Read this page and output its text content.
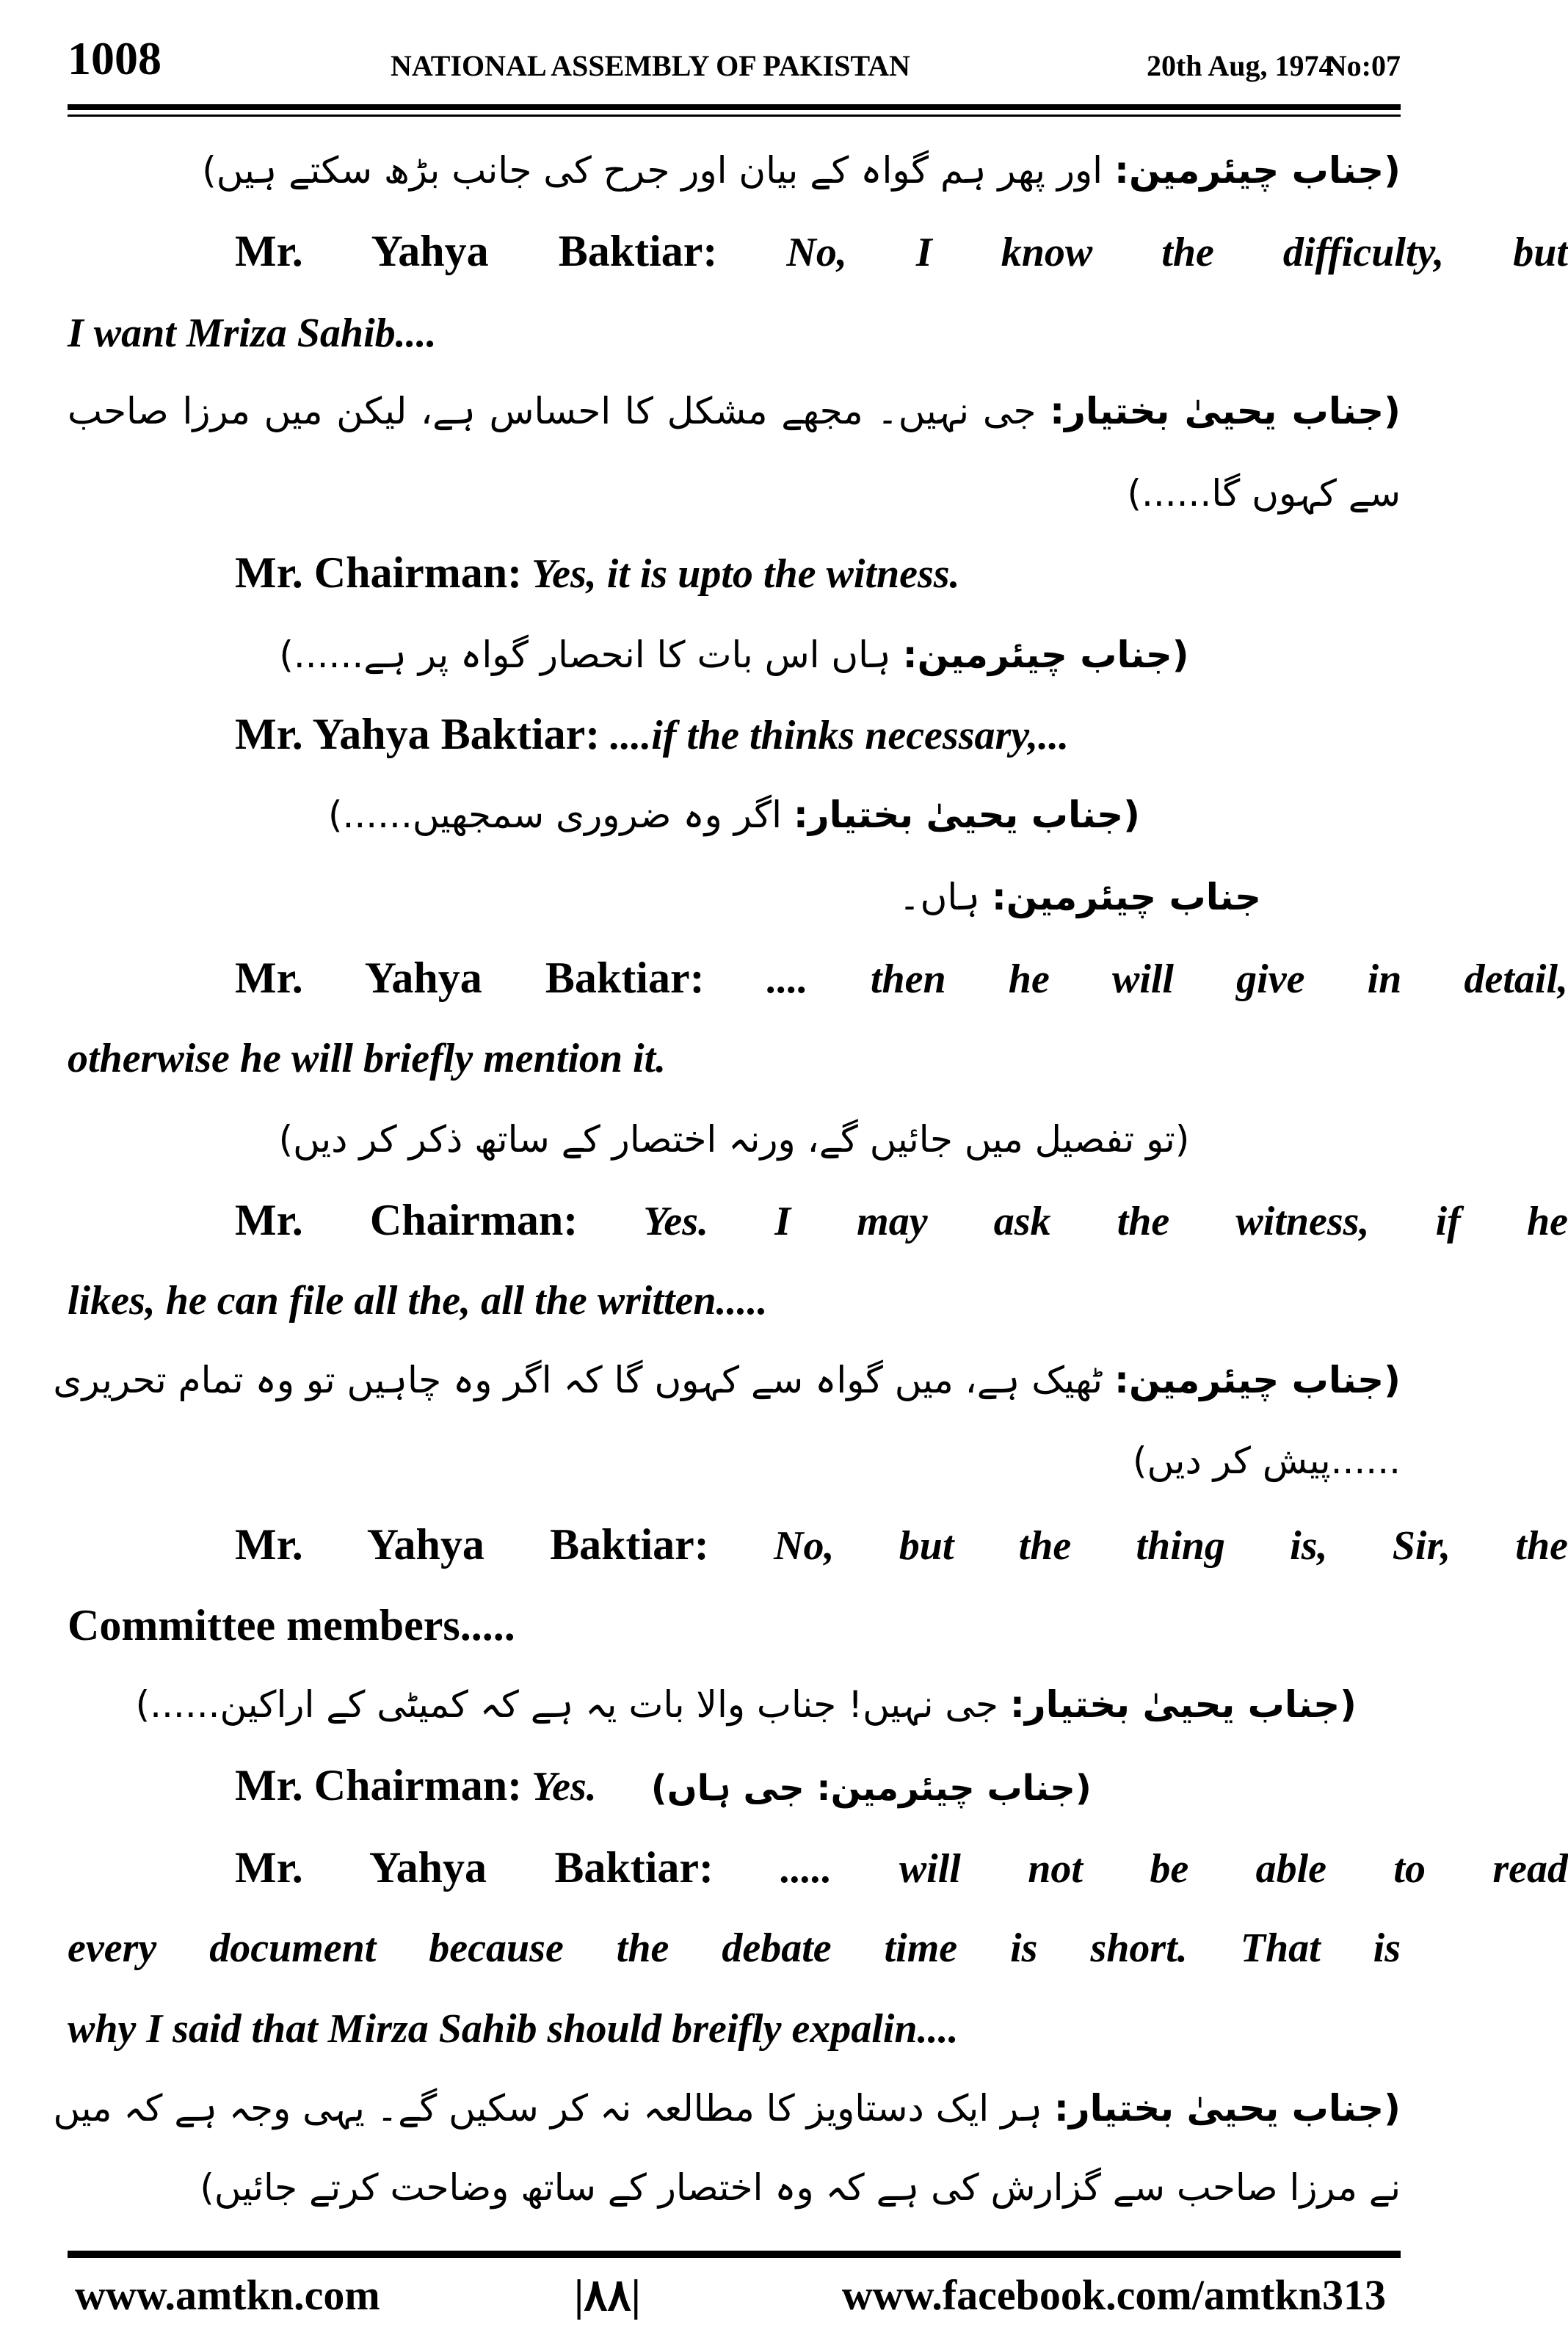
1008	NATIONAL ASSEMBLY OF PAKISTAN	20th Aug, 1974
No:07
(جناب چیئرمین: اور پھر ہم گواہ کے بیان اور جرح کی جانب بڑھ سکتے ہیں)
Mr. Yahya Baktiar: No, I know the difficulty, but
I want Mriza Sahib....
(جناب یحییٰ بختیار: جی نہیں۔ مجھے مشکل کا احساس ہے، لیکن میں مرزا صاحب
سے کہوں گا......)
Mr. Chairman: Yes, it is upto the witness.
(جناب چیئرمین: ہاں اس بات کا انحصار گواہ پر ہے......)
Mr. Yahya Baktiar: ....if the thinks necessary,...
(جناب یحییٰ بختیار: اگر وہ ضروری سمجھیں......)
جناب چیئرمین: ہاں۔
Mr. Yahya Baktiar: .... then he will give in detail,
otherwise he will briefly mention it.
(تو تفصیل میں جائیں گے، ورنہ اختصار کے ساتھ ذکر کر دیں)
Mr. Chairman: Yes. I may ask the witness, if he
likes, he can file all the, all the written.....
(جناب چیئرمین: ٹھیک ہے، میں گواہ سے کہوں گا کہ اگر وہ چاہیں تو وہ تمام تحریری
......پیش کر دیں)
Mr. Yahya Baktiar: No, but the thing is, Sir, the
Committee members.....
(جناب یحییٰ بختیار: جی نہیں! جناب والا بات یہ ہے کہ کمیٹی کے اراکین......)
Mr. Chairman: Yes. (جناب چیئرمین: جی ہاں)
Mr. Yahya Baktiar: ..... will not be able to read
every document because the debate time is short. That is
why I said that Mirza Sahib should breifly expalin....
(جناب یحییٰ بختیار: ہر ایک دستاویز کا مطالعہ نہ کر سکیں گے۔ یہی وجہ ہے کہ میں
نے مرزا صاحب سے گزارش کی ہے کہ وہ اختصار کے ساتھ وضاحت کرتے جائیں)
www.amtkn.com	|۸۸|	www.facebook.com/amtkn313
